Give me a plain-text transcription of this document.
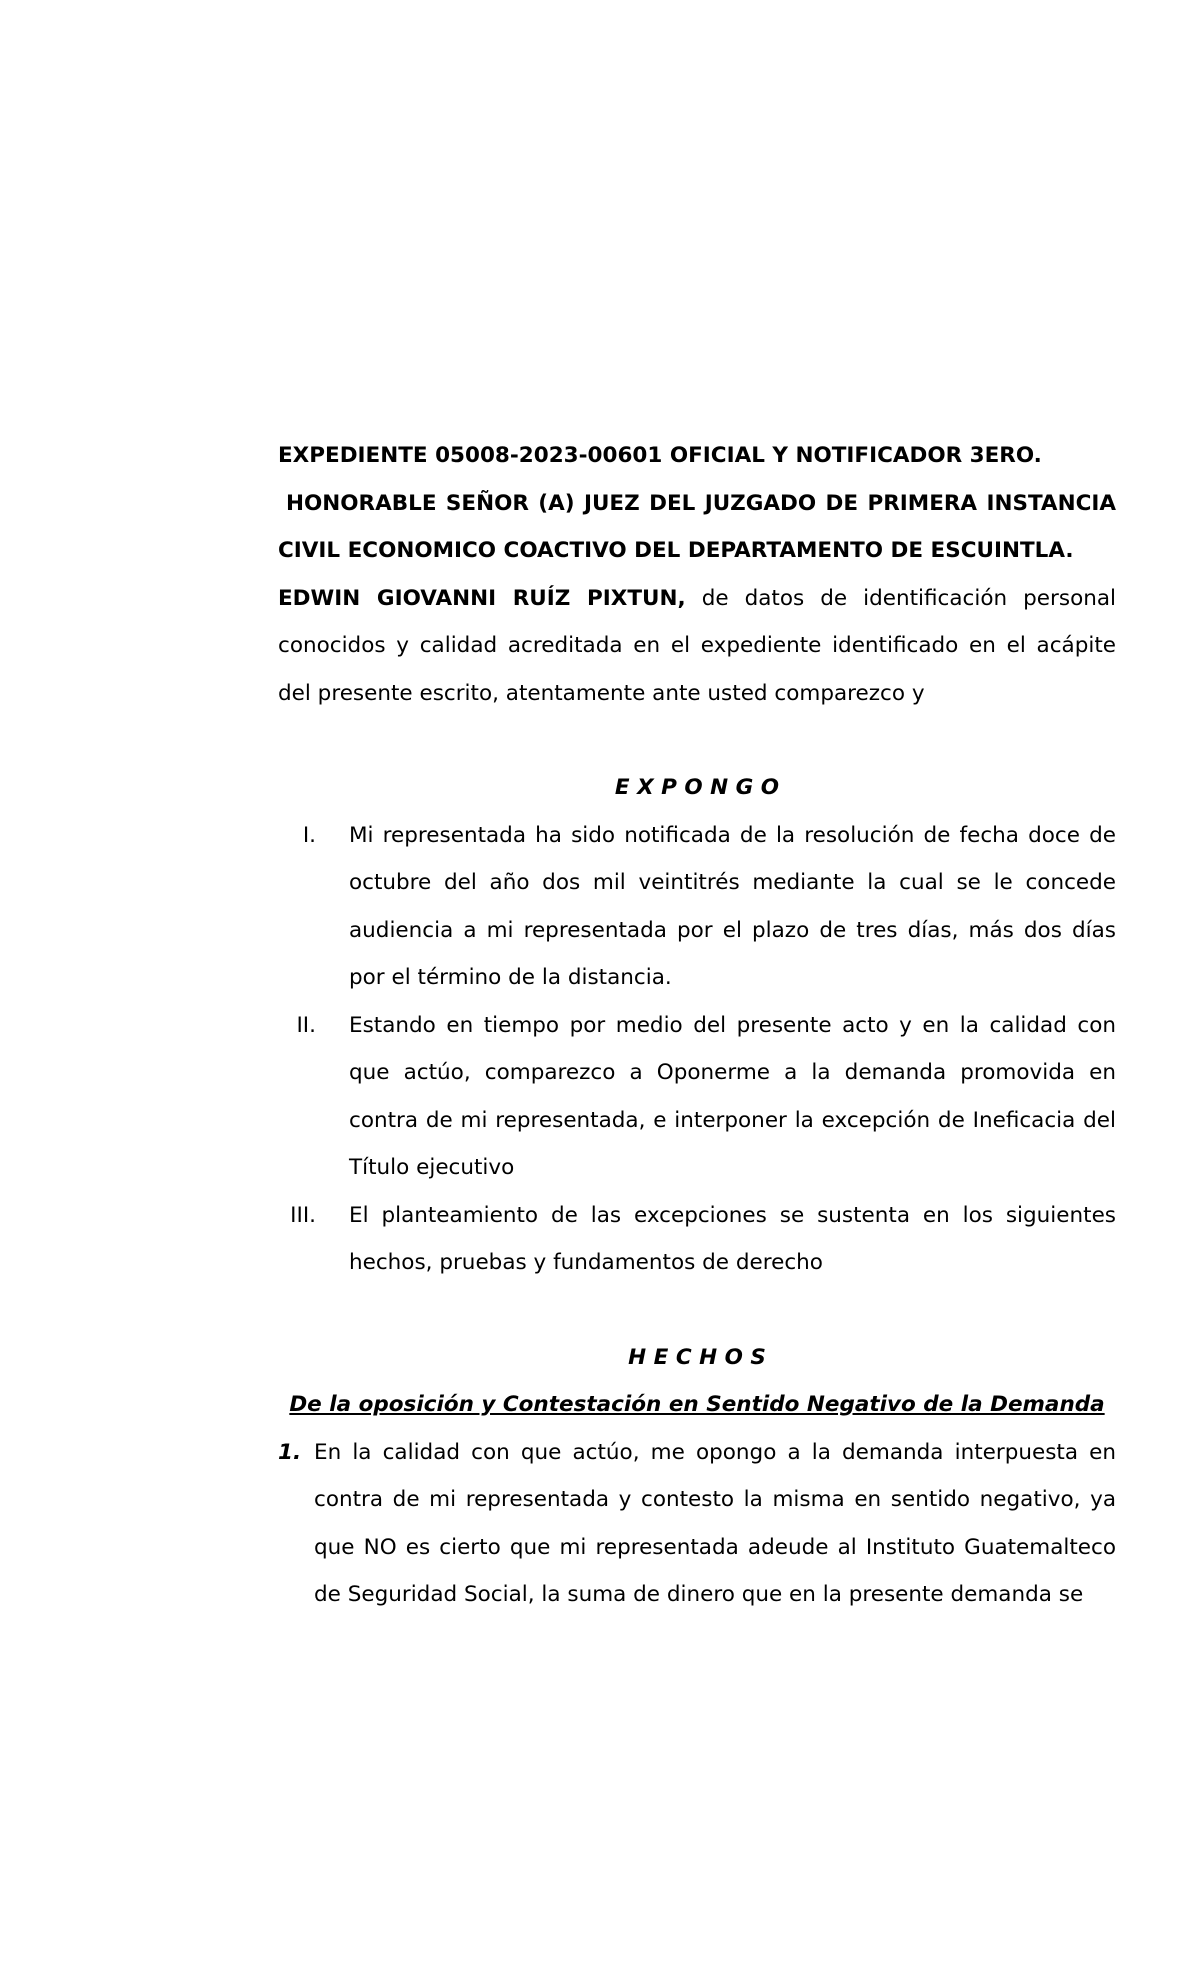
EXPEDIENTE 05008-2023-00601 OFICIAL Y NOTIFICADOR 3ERO.
HONORABLE SEÑOR (A) JUEZ DEL JUZGADO DE PRIMERA INSTANCIA
CIVIL ECONOMICO COACTIVO DEL DEPARTAMENTO DE ESCUINTLA.
EDWIN GIOVANNI RUÍZ PIXTUN, de datos de identificación personal conocidos y calidad acreditada en el expediente identificado en el acápite del presente escrito, atentamente ante usted comparezco y
E X P O N G O
I. Mi representada ha sido notificada de la resolución de fecha doce de octubre del año dos mil veintitrés mediante la cual se le concede audiencia a mi representada por el plazo de tres días, más dos días por el término de la distancia.
II. Estando en tiempo por medio del presente acto y en la calidad con que actúo, comparezco a Oponerme a la demanda promovida en contra de mi representada, e interponer la excepción de Ineficacia del Título ejecutivo
III. El planteamiento de las excepciones se sustenta en los siguientes hechos, pruebas y fundamentos de derecho
H E C H O S
De la oposición y Contestación en Sentido Negativo de la Demanda
1. En la calidad con que actúo, me opongo a la demanda interpuesta en contra de mi representada y contesto la misma en sentido negativo, ya que NO es cierto que mi representada adeude al Instituto Guatemalteco de Seguridad Social, la suma de dinero que en la presente demanda se
